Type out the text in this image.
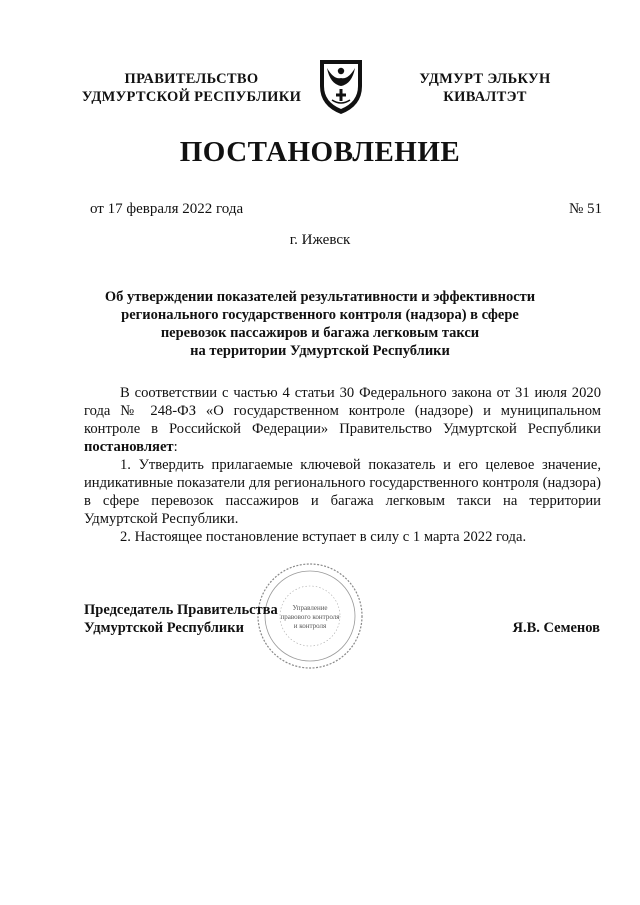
ПРАВИТЕЛЬСТВО
УДМУРТСКОЙ РЕСПУБЛИКИ
УДМУРТ ЭЛЬКУН
КИВАЛТЭТ
ПОСТАНОВЛЕНИЕ
от 17 февраля 2022 года	№ 51
г. Ижевск
Об утверждении показателей результативности и эффективности
регионального государственного контроля (надзора) в сфере
перевозок пассажиров и багажа легковым такси
на территории Удмуртской Республики

В соответствии с частью 4 статьи 30 Федерального закона от 31 июля 2020 года № 248-ФЗ «О государственном контроле (надзоре) и муниципальном контроле в Российской Федерации» Правительство Удмуртской Республики постановляет:

1. Утвердить прилагаемые ключевой показатель и его целевое значение, индикативные показатели для регионального государственного контроля (надзора) в сфере перевозок пассажиров и багажа легковым такси на территории Удмуртской Республики.

2. Настоящее постановление вступает в силу с 1 марта 2022 года.

Управление
правового контроля
и контроля
Председатель Правительства
Удмуртской Республики	Я.В. Семенов
